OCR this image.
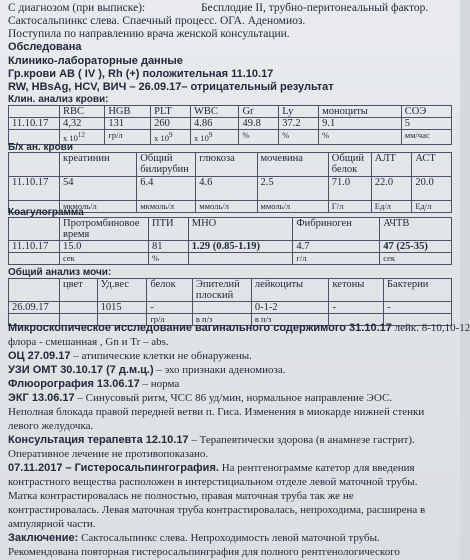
С диагнозом (при выписке):	Бесплодие II, трубно-перитонеальный фактор.
Сактосальпинкс слева. Спаечный процесс. ОГА. Аденомиоз.
Поступила по направлению врача женской консультации.
Обследована
Клинико-лабораторные данные
Гр.крови АВ ( IV ), Rh (+) положительная 11.10.17
RW, HBsAg, HCV, ВИЧ – 26.09.17– отрицательный результат
Клин. анализ крови:
	RBC	HGB	PLT	WBC	Gr	Ly	моноциты	СОЭ
11.10.17	4,32	131	260	4.86	49.8	37.2	9.1	5
	x $10^{12}$	гр/л	x $10^9$	x $10^9$	%	%	%	мм/час
Б/х ан. крови
	креатинин	Общий билирубин	глюкоза	мочевина	Общий белок	АЛТ	АСТ
11.10.17	54	6.4	4.6	2.5	71.0	22.0	20.0
	мкмоль/л	мкмоль/л	ммоль/л	ммоль/л	Г/л	Ед/л	Ед/л
Коагулограмма
	Протромбиновое время	ПТИ	МНО	Фибриноген	АЧТВ
11.10.17	15.0	81	1.29 (0.85-1.19)	4.7	47 (25-35)
	сек	%		г/л	сек
Общий анализ мочи:
	цвет	Уд.вес	белок	Эпителий плоский	лейкоциты	кетоны	Бактерии
26.09.17		1015	-		0-1-2	-	-
			гр/л	в п/з	в п/з		
Микроскопическое исследование вагинального содержимого 31.10.17 лейк. 8-10,10-12
флора - смешанная , Gn и Tr – abs.
ОЦ 27.09.17 – атипические клетки не обнаружены.
УЗИ ОМТ 30.10.17 (7 д.м.ц.) – эхо признаки аденомиоза.
Флюорография 13.06.17 – норма
ЭКГ 13.06.17 – Синусовый ритм, ЧСС 86 уд/мин, нормальное направление ЭОС.
Неполная блокада правой передней ветви п. Гиса. Изменения в миокарде нижней стенки
левого желудочка.
Консультация терапевта 12.10.17 – Терапевтически здорова (в анамнезе гастрит).
Оперативное лечение не противопоказано.
07.11.2017 – Гистеросальпингография. На рентгенограмме катетор для введения
контрастного вещества расположен в интерстициальном отделе левой маточной трубы.
Матка контрастировалась не полностью, правая маточная труба так же не
контрастировалась. Левая маточная труба контрастировалась, непроходима, расширена в
ампулярной части.
Заключение: Сактосальпинкс слева. Непроходимость левой маточной трубы.
Рекомендована повторная гистеросальпинграфия для полного рентгенологического
